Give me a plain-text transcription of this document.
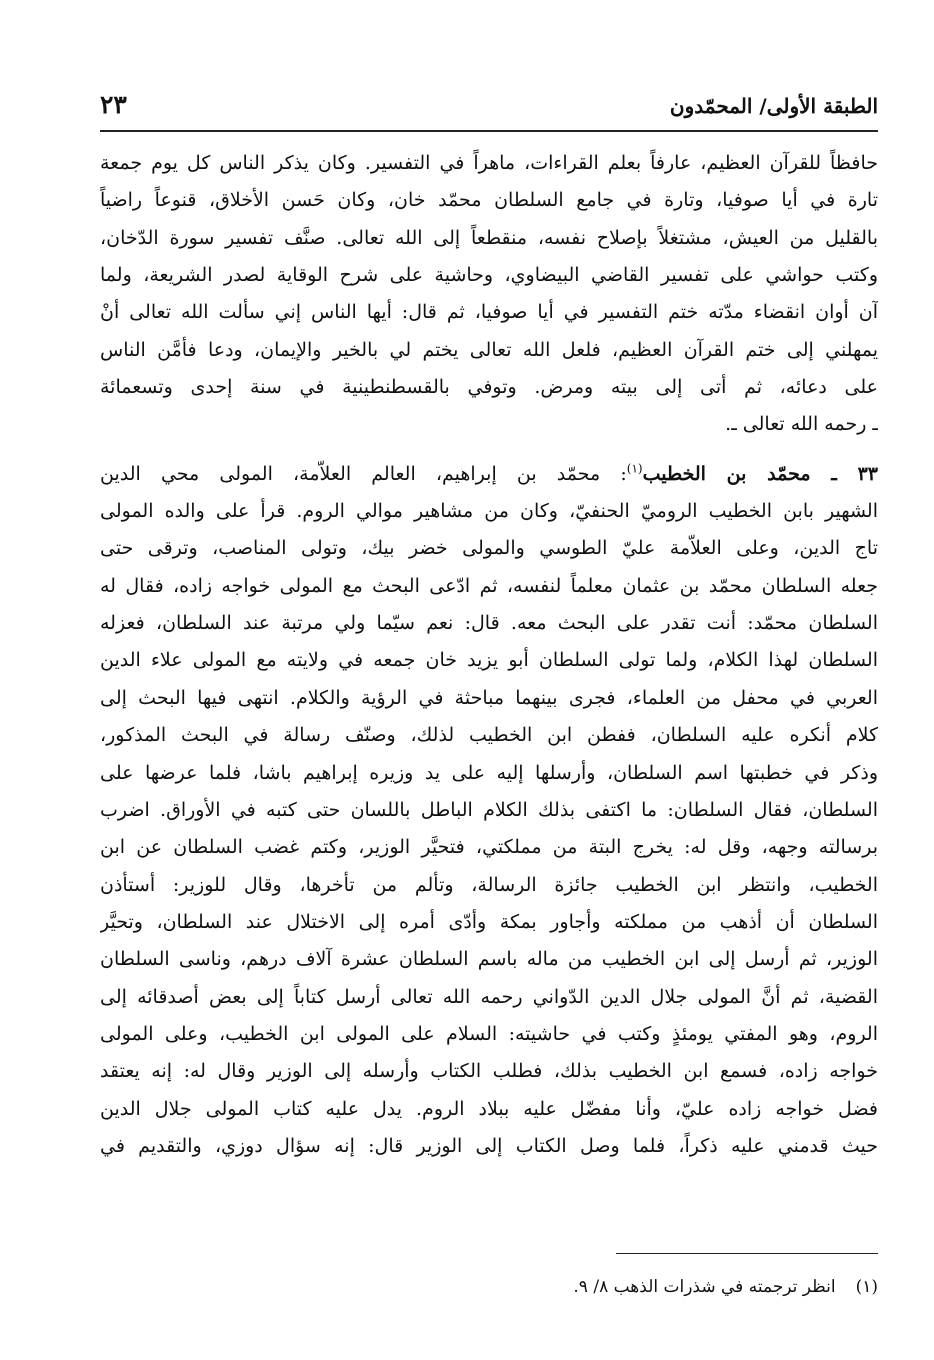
الطبقة الأولى/ المحمّدون
٢٣
حافظاً للقرآن العظيم، عارفاً بعلم القراءات، ماهراً في التفسير. وكان يذكر الناس كل يوم جمعة
تارة في أيا صوفيا، وتارة في جامع السلطان محمّد خان، وكان حَسن الأخلاق، قنوعاً راضياً
بالقليل من العيش، مشتغلاً بإصلاح نفسه، منقطعاً إلى الله تعالى. صنَّف تفسير سورة الدّخان،
وكتب حواشي على تفسير القاضي البيضاوي، وحاشية على شرح الوقاية لصدر الشريعة، ولما
آن أوان انقضاء مدّته ختم التفسير في أيا صوفيا، ثم قال: أيها الناس إني سألت الله تعالى أنْ
يمهلني إلى ختم القرآن العظيم، فلعل الله تعالى يختم لي بالخير والإيمان، ودعا فأمَّن الناس
على دعائه، ثم أتى إلى بيته ومرض. وتوفي بالقسطنطينية في سنة إحدى وتسعمائة
ـ رحمه الله تعالى ـ.
٣٣ ـ محمّد بن الخطيب$^{(١)}$: محمّد بن إبراهيم، العالم العلاّمة، المولى محي الدين
الشهير بابن الخطيب الروميّ الحنفيّ، وكان من مشاهير موالي الروم. قرأ على والده المولى
تاج الدين، وعلى العلاّمة عليّ الطوسي والمولى خضر بيك، وتولى المناصب، وترقى حتى
جعله السلطان محمّد بن عثمان معلماً لنفسه، ثم ادّعى البحث مع المولى خواجه زاده، فقال له
السلطان محمّد: أنت تقدر على البحث معه. قال: نعم سيّما ولي مرتبة عند السلطان، فعزله
السلطان لهذا الكلام، ولما تولى السلطان أبو يزيد خان جمعه في ولايته مع المولى علاء الدين
العربي في محفل من العلماء، فجرى بينهما مباحثة في الرؤية والكلام. انتهى فيها البحث إلى
كلام أنكره عليه السلطان، ففطن ابن الخطيب لذلك، وصنّف رسالة في البحث المذكور،
وذكر في خطبتها اسم السلطان، وأرسلها إليه على يد وزيره إبراهيم باشا، فلما عرضها على
السلطان، فقال السلطان: ما اكتفى بذلك الكلام الباطل باللسان حتى كتبه في الأوراق. اضرب
برسالته وجهه، وقل له: يخرج البتة من مملكتي، فتحيَّر الوزير، وكتم غضب السلطان عن ابن
الخطيب، وانتظر ابن الخطيب جائزة الرسالة، وتألم من تأخرها، وقال للوزير: أستأذن
السلطان أن أذهب من مملكته وأجاور بمكة وأدّى أمره إلى الاختلال عند السلطان، وتحيَّر
الوزير، ثم أرسل إلى ابن الخطيب من ماله باسم السلطان عشرة آلاف درهم، وناسى السلطان
القضية، ثم أنَّ المولى جلال الدين الدّواني رحمه الله تعالى أرسل كتاباً إلى بعض أصدقائه إلى
الروم، وهو المفتي يومئذٍ وكتب في حاشيته: السلام على المولى ابن الخطيب، وعلى المولى
خواجه زاده، فسمع ابن الخطيب بذلك، فطلب الكتاب وأرسله إلى الوزير وقال له: إنه يعتقد
فضل خواجه زاده عليّ، وأنا مفضّل عليه ببلاد الروم. يدل عليه كتاب المولى جلال الدين
حيث قدمني عليه ذكراً، فلما وصل الكتاب إلى الوزير قال: إنه سؤال دوزي، والتقديم في
(١)انظر ترجمته في شذرات الذهب ٨/ ٩.
